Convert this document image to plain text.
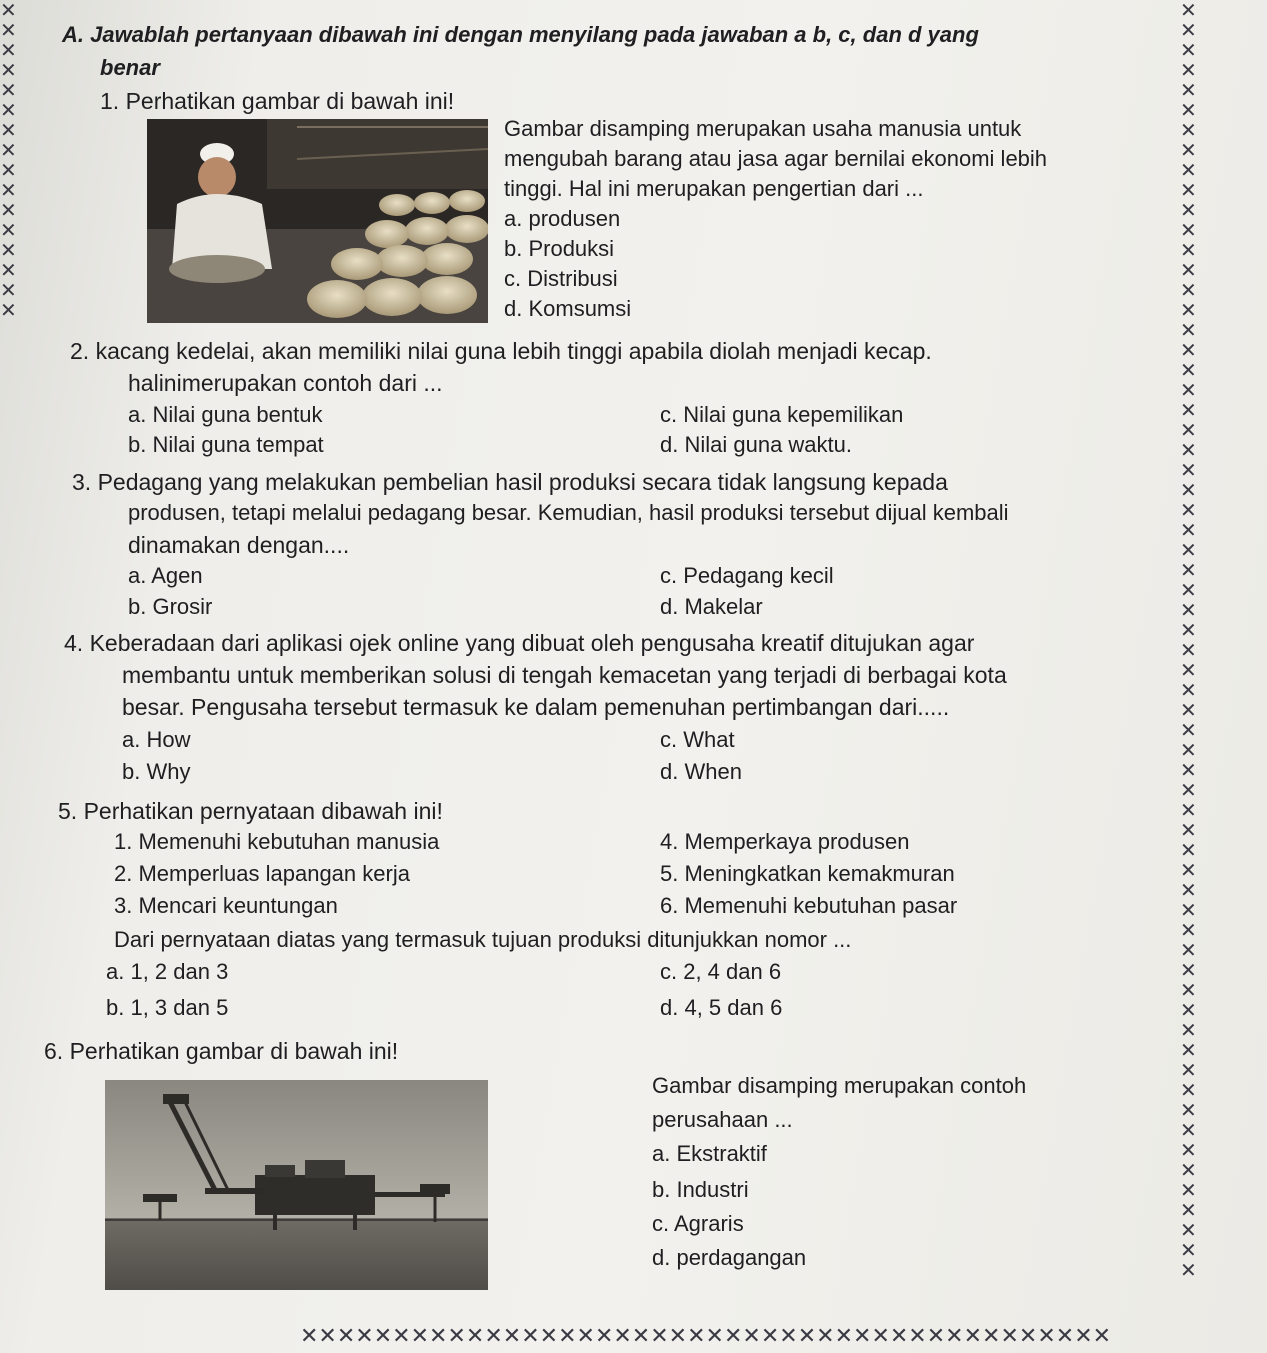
✕
✕
✕
✕
✕
✕
✕
✕
✕
✕
✕
✕
✕
✕
✕
✕
✕
✕
✕
✕
✕
✕
✕
✕
✕
✕
✕
✕
✕
✕
✕
✕
✕
✕
✕
✕
✕
✕
✕
✕
✕
✕
✕
✕
✕
✕
✕
✕
✕
✕
✕
✕
✕
✕
✕
✕
✕
✕
✕
✕
✕
✕
✕
✕
✕
✕
✕
✕
✕
✕
✕
✕
✕
✕
✕
✕
✕
✕
✕
✕
✕✕✕✕✕✕✕✕✕✕✕✕✕✕✕✕✕✕✕✕✕✕✕✕✕✕✕✕✕✕✕✕✕✕✕✕✕✕✕✕✕✕✕✕
A. Jawablah pertanyaan dibawah ini dengan menyilang pada jawaban a b, c, dan d yang
benar
1. Perhatikan gambar di bawah ini!
Gambar disamping merupakan usaha manusia untuk
mengubah barang atau jasa agar bernilai ekonomi lebih
tinggi. Hal ini merupakan pengertian dari ...
a. produsen
b. Produksi
c. Distribusi
d. Komsumsi
2. kacang kedelai, akan memiliki nilai guna lebih tinggi apabila diolah menjadi kecap.
halinimerupakan contoh dari ...
a. Nilai guna bentuk	c. Nilai guna kepemilikan
b. Nilai guna tempat	d. Nilai guna waktu.
3. Pedagang yang melakukan pembelian hasil produksi secara tidak langsung kepada
produsen, tetapi melalui pedagang besar. Kemudian, hasil produksi tersebut dijual kembali
dinamakan dengan....
a. Agen	c. Pedagang kecil
b. Grosir	d. Makelar
4. Keberadaan dari aplikasi ojek online yang dibuat oleh pengusaha kreatif ditujukan agar
membantu untuk memberikan solusi di tengah kemacetan yang terjadi di berbagai kota
besar. Pengusaha tersebut termasuk ke dalam pemenuhan pertimbangan dari.....
a. How	c. What
b. Why	d. When
5. Perhatikan pernyataan dibawah ini!
1. Memenuhi kebutuhan manusia	4. Memperkaya produsen
2. Memperluas lapangan kerja	5. Meningkatkan kemakmuran
3. Mencari keuntungan	6. Memenuhi kebutuhan pasar
Dari pernyataan diatas yang termasuk tujuan produksi ditunjukkan nomor ...
a. 1, 2 dan 3	c. 2, 4 dan 6
b. 1, 3 dan 5	d. 4, 5 dan 6
6. Perhatikan gambar di bawah ini!
Gambar disamping merupakan contoh
perusahaan ...
a. Ekstraktif
b. Industri
c. Agraris
d. perdagangan
